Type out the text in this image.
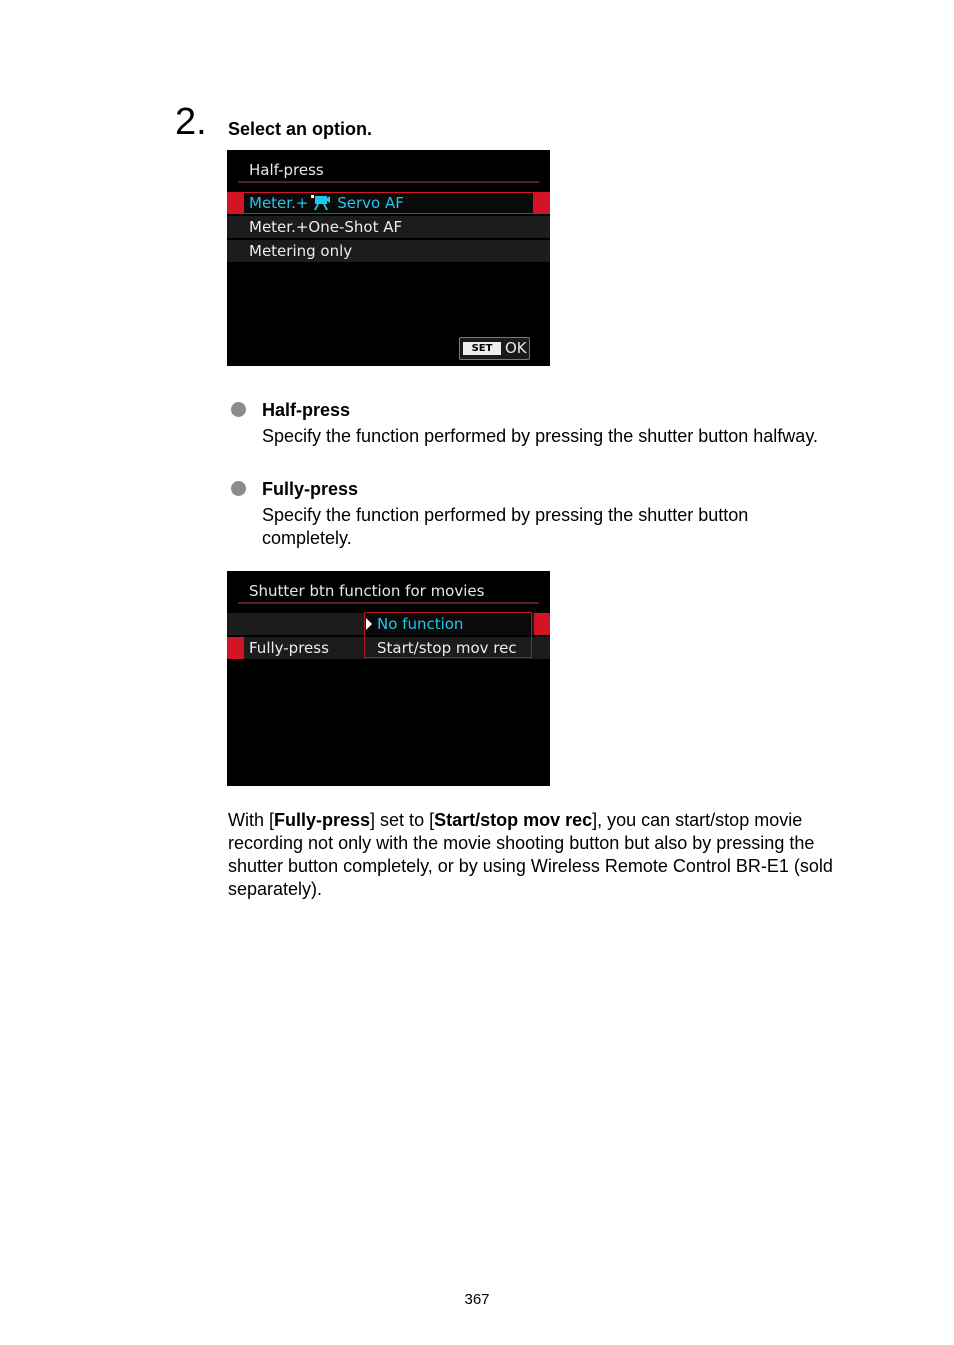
2. Select an option.
Half-press
Meter.+ Servo AF
Meter.+One-Shot AF
Metering only
SET OK
Half-press
Specify the function performed by pressing the shutter button halfway.
Fully-press
Specify the function performed by pressing the shutter button completely.
Shutter btn function for movies
Fully-press
No function
Start/stop mov rec
With [Fully-press] set to [Start/stop mov rec], you can start/stop movie recording not only with the movie shooting button but also by pressing the shutter button completely, or by using Wireless Remote Control BR-E1 (sold separately).
367
